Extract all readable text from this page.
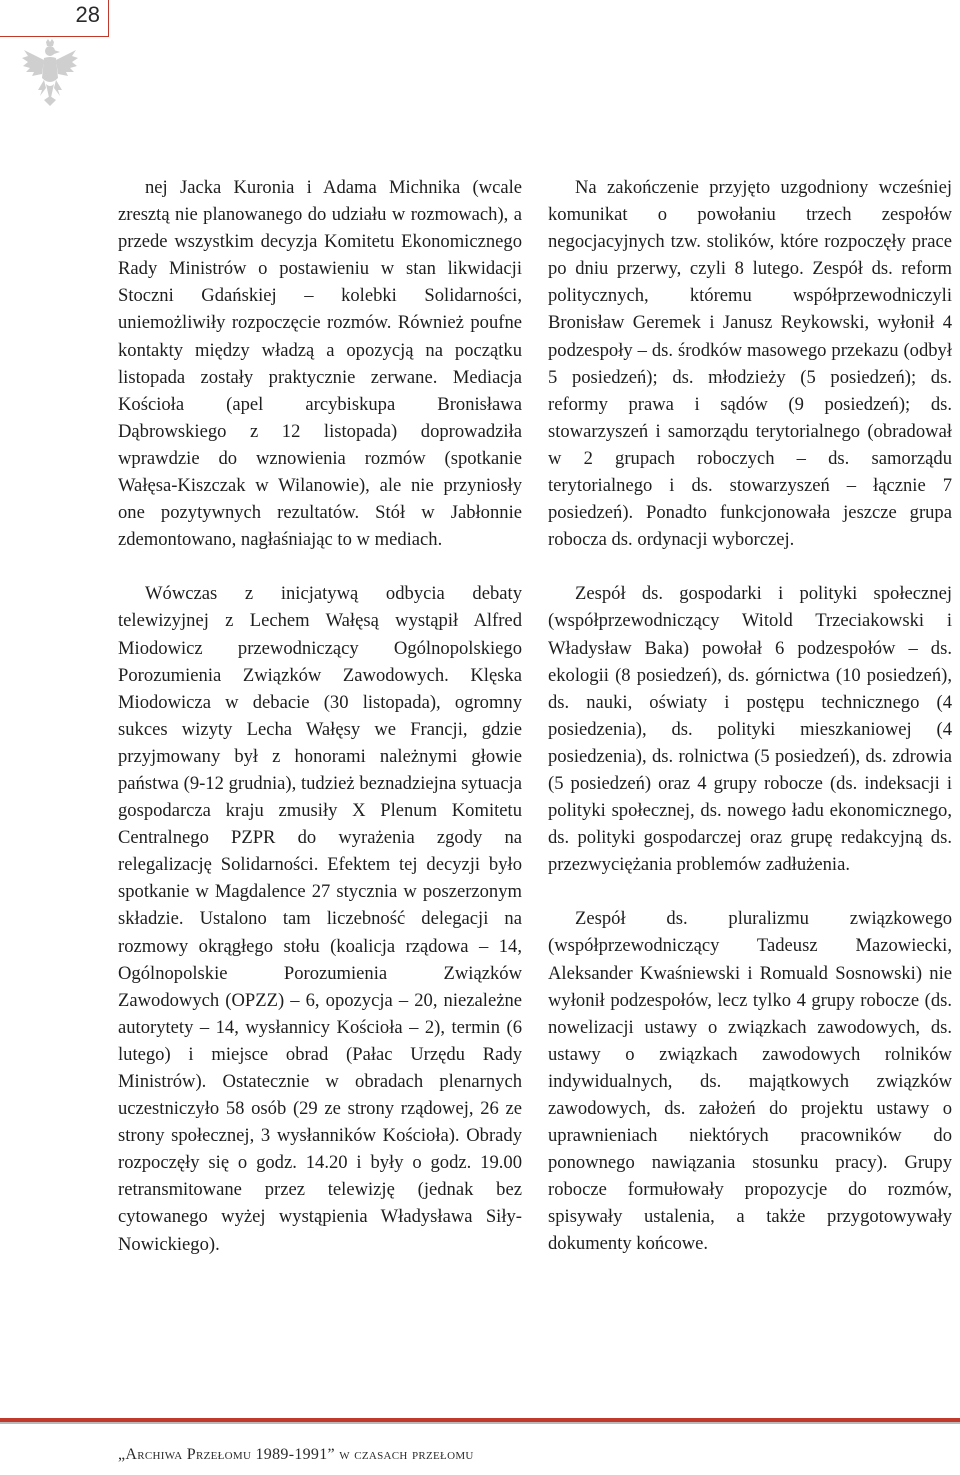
28

nej Jacka Kuronia i Adama Michnika (wcale zresztą nie planowanego do udziału w rozmowach), a przede wszystkim decyzja Komitetu Ekonomicznego Rady Ministrów o postawieniu w stan likwidacji Stoczni Gdańskiej – kolebki Solidarności, uniemożliwiły rozpoczęcie rozmów. Również poufne kontakty między władzą a opozycją na początku listopada zostały praktycznie zerwane. Mediacja Kościoła (apel arcybiskupa Bronisława Dąbrowskiego z 12 listopada) doprowadziła wprawdzie do wznowienia rozmów (spotkanie Wałęsa-Kiszczak w Wilanowie), ale nie przyniosły one pozytywnych rezultatów. Stół w Jabłonnie zdemontowano, nagłaśniając to w mediach.

Wówczas z inicjatywą odbycia debaty telewizyjnej z Lechem Wałęsą wystąpił Alfred Miodowicz przewodniczący Ogólnopolskiego Porozumienia Związków Zawodowych. Klęska Miodowicza w debacie (30 listopada), ogromny sukces wizyty Lecha Wałęsy we Francji, gdzie przyjmowany był z honorami należnymi głowie państwa (9-12 grudnia), tudzież beznadziejna sytuacja gospodarcza kraju zmusiły X Plenum Komitetu Centralnego PZPR do wyrażenia zgody na relegalizację Solidarności. Efektem tej decyzji było spotkanie w Magdalence 27 stycznia w poszerzonym składzie. Ustalono tam liczebność delegacji na rozmowy okrągłego stołu (koalicja rządowa – 14, Ogólnopolskie Porozumienia Związków Zawodowych (OPZZ) – 6, opozycja – 20, niezależne autorytety – 14, wysłannicy Kościoła – 2), termin (6 lutego) i miejsce obrad (Pałac Urzędu Rady Ministrów). Ostatecznie w obradach plenarnych uczestniczyło 58 osób (29 ze strony rządowej, 26 ze strony społecznej, 3 wysłanników Kościoła). Obrady rozpoczęły się o godz. 14.20 i były o godz. 19.00 retransmitowane przez telewizję (jednak bez cytowanego wyżej wystąpienia Władysława Siły-Nowickiego).

Na zakończenie przyjęto uzgodniony wcześniej komunikat o powołaniu trzech zespołów negocjacyjnych tzw. stolików, które rozpoczęły prace po dniu przerwy, czyli 8 lutego. Zespół ds. reform politycznych, któremu współprzewodniczyli Bronisław Geremek i Janusz Reykowski, wyłonił 4 podzespoły – ds. środków masowego przekazu (odbył 5 posiedzeń); ds. młodzieży (5 posiedzeń); ds. reformy prawa i sądów (9 posiedzeń); ds. stowarzyszeń i samorządu terytorialnego (obradował w 2 grupach roboczych – ds. samorządu terytorialnego i ds. stowarzyszeń – łącznie 7 posiedzeń). Ponadto funkcjonowała jeszcze grupa robocza ds. ordynacji wyborczej.

Zespół ds. gospodarki i polityki społecznej (współprzewodniczący Witold Trzeciakowski i Władysław Baka) powołał 6 podzespołów – ds. ekologii (8 posiedzeń), ds. górnictwa (10 posiedzeń), ds. nauki, oświaty i postępu technicznego (4 posiedzenia), ds. polityki mieszkaniowej (4 posiedzenia), ds. rolnictwa (5 posiedzeń), ds. zdrowia (5 posiedzeń) oraz 4 grupy robocze (ds. indeksacji i polityki społecznej, ds. nowego ładu ekonomicznego, ds. polityki gospodarczej oraz grupę redakcyjną ds. przezwyciężania problemów zadłużenia.

Zespół ds. pluralizmu związkowego (współprzewodniczący Tadeusz Mazowiecki, Aleksander Kwaśniewski i Romuald Sosnowski) nie wyłonił podzespołów, lecz tylko 4 grupy robocze (ds. nowelizacji ustawy o związkach zawodowych, ds. ustawy o związkach zawodowych rolników indywidualnych, ds. majątkowych związków zawodowych, ds. założeń do projektu ustawy o uprawnieniach niektórych pracowników do ponownego nawiązania stosunku pracy). Grupy robocze formułowały propozycje do rozmów, spisywały ustalenia, a także przygotowywały dokumenty końcowe.

„Archiwa Przełomu 1989-1991” w czasach przełomu
